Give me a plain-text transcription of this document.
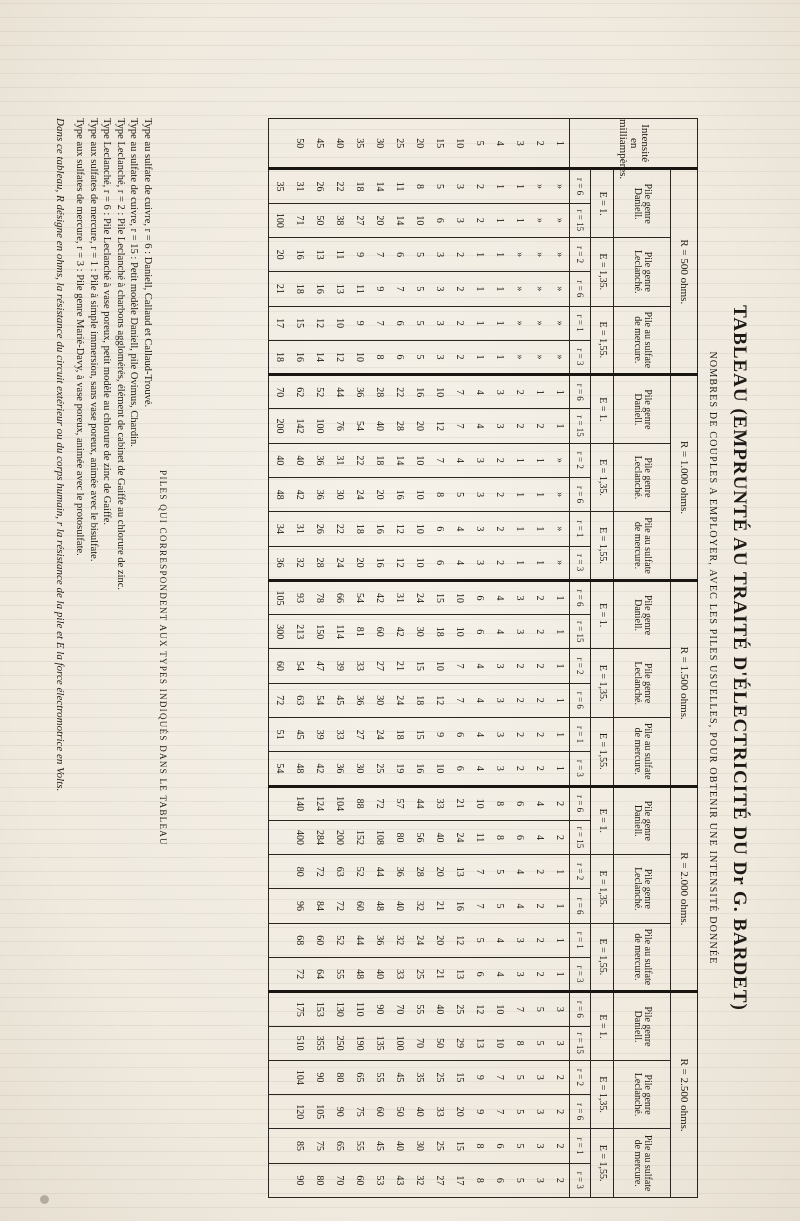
TABLEAU (EMPRUNTÉ AU TRAITÉ D'ÉLECTRICITÉ DU Dr G. BARDET)
NOMBRES DE COUPLES A EMPLOYER, AVEC LES PILES USUELLES, POUR OBTENIR UNE INTENSITÉ DONNÉE
Intensité en milliampères.	R = 500 ohms.						R = 1.000 ohms.						R = 1.500 ohms.						R = 2.000 ohms.						R = 2.500 ohms.					
	Pile genre Daniell.		Pile genre Leclanché.		Pile au sulfate de mercure.		Pile genre Daniell.		Pile genre Leclanché.		Pile au sulfate de mercure.		Pile genre Daniell.		Pile genre Leclanché.		Pile au sulfate de mercure.		Pile genre Daniell.		Pile genre Leclanché.		Pile au sulfate de mercure.		Pile genre Daniell.		Pile genre Leclanché.		Pile au sulfate de mercure.	
	E = 1.		E = 1,35.		E = 1,55.		E = 1.		E = 1,35.		E = 1,55.		E = 1.		E = 1,35.		E = 1,55.		E = 1.		E = 1,35.		E = 1,55.		E = 1.		E = 1,35.		E = 1,55.	
	r = 6	r = 15	r = 2	r = 6	r = 1	r = 3	r = 6	r = 15	r = 2	r = 6	r = 1	r = 3	r = 6	r = 15	r = 2	r = 6	r = 1	r = 3	r = 6	r = 15	r = 2	r = 6	r = 1	r = 3	r = 6	r = 15	r = 2	r = 6	r = 1	r = 3
1	»	»	»	»	»	»	1	1	»	»	»	»	1	1	1	1	1	1	2	2	1	1	1	1	3	3	2	2	2	2
2	»	»	»	»	»	»	1	2	1	1	1	1	2	2	2	2	2	2	4	4	2	2	2	2	5	5	3	3	3	3
3	1	1	»	»	»	»	2	2	1	1	1	1	3	3	2	2	2	2	6	6	4	4	3	3	7	8	5	5	5	5
4	1	1	1	1	1	1	3	3	2	2	2	2	4	4	3	3	3	3	8	8	5	5	4	4	10	10	7	7	6	6
5	2	2	1	1	1	1	4	4	3	3	3	3	6	6	4	4	4	4	10	11	7	7	5	6	12	13	9	9	8	8
10	3	3	2	2	2	2	7	7	4	5	4	4	10	10	7	7	6	6	21	24	13	16	12	13	25	29	15	20	15	17
15	5	6	3	3	3	3	10	12	7	8	6	6	15	18	10	12	9	10	33	40	20	21	20	21	40	50	25	33	25	27
20	8	10	5	5	5	5	16	20	10	10	10	10	24	30	15	18	15	16	44	56	28	32	24	25	55	70	35	40	30	32
25	11	14	6	7	6	6	22	28	14	16	12	12	31	42	21	24	18	19	57	80	36	40	32	33	70	100	45	50	40	43
30	14	20	7	9	7	8	28	40	18	20	16	16	42	60	27	30	24	25	72	108	44	48	36	40	90	135	55	60	45	53
35	18	27	9	11	9	10	36	54	22	24	18	20	54	81	33	36	27	30	88	152	52	60	44	48	110	190	65	75	55	60
40	22	38	11	13	10	12	44	76	31	30	22	24	66	114	39	45	33	36	104	200	63	72	52	55	130	250	80	90	65	70
45	26	50	13	16	12	14	52	100	36	36	26	28	78	150	47	54	39	42	124	284	72	84	60	64	153	355	90	105	75	80
50	31	71	16	18	15	16	62	142	40	42	31	32	93	213	54	63	45	48	140	400	80	96	68	72	175	510	104	120	85	90
	35	100	20	21	17	18	70	200	40	48	34	36	105	300	60	72	51	54												
PILES QUI CORRESPONDENT AUX TYPES INDIQUÉS DANS LE TABLEAU
Type au sulfate de cuivre, r = 6 : Daniell, Callaud et Callaud-Trouvé.
Type au sulfate de cuivre, r = 15 : Petit modèle Daniell, pile Ovimus, Chardin.
Type Leclanché, r = 2 : Pile Leclanché à charbons agglomérés, élément de cabinet de Gaiffe au chlorure de zinc.
Type Leclanché, r = 6 : Pile Leclanché à vase poreux, petit modèle au chlorure de zinc de Gaiffe.
Type aux sulfates de mercure, r = 1 : Pile à simple immersion, sans vase poreux, animée avec le bisulfate.
Type aux sulfates de mercure, r = 3 : Pile genre Marié-Davy, à vase poreux, animée avec le protosulfate.
Dans ce tableau, R désigne en ohms, la résistance du circuit extérieur ou du corps humain, r la résistance de la pile et E la force électromotrice en Volts.
